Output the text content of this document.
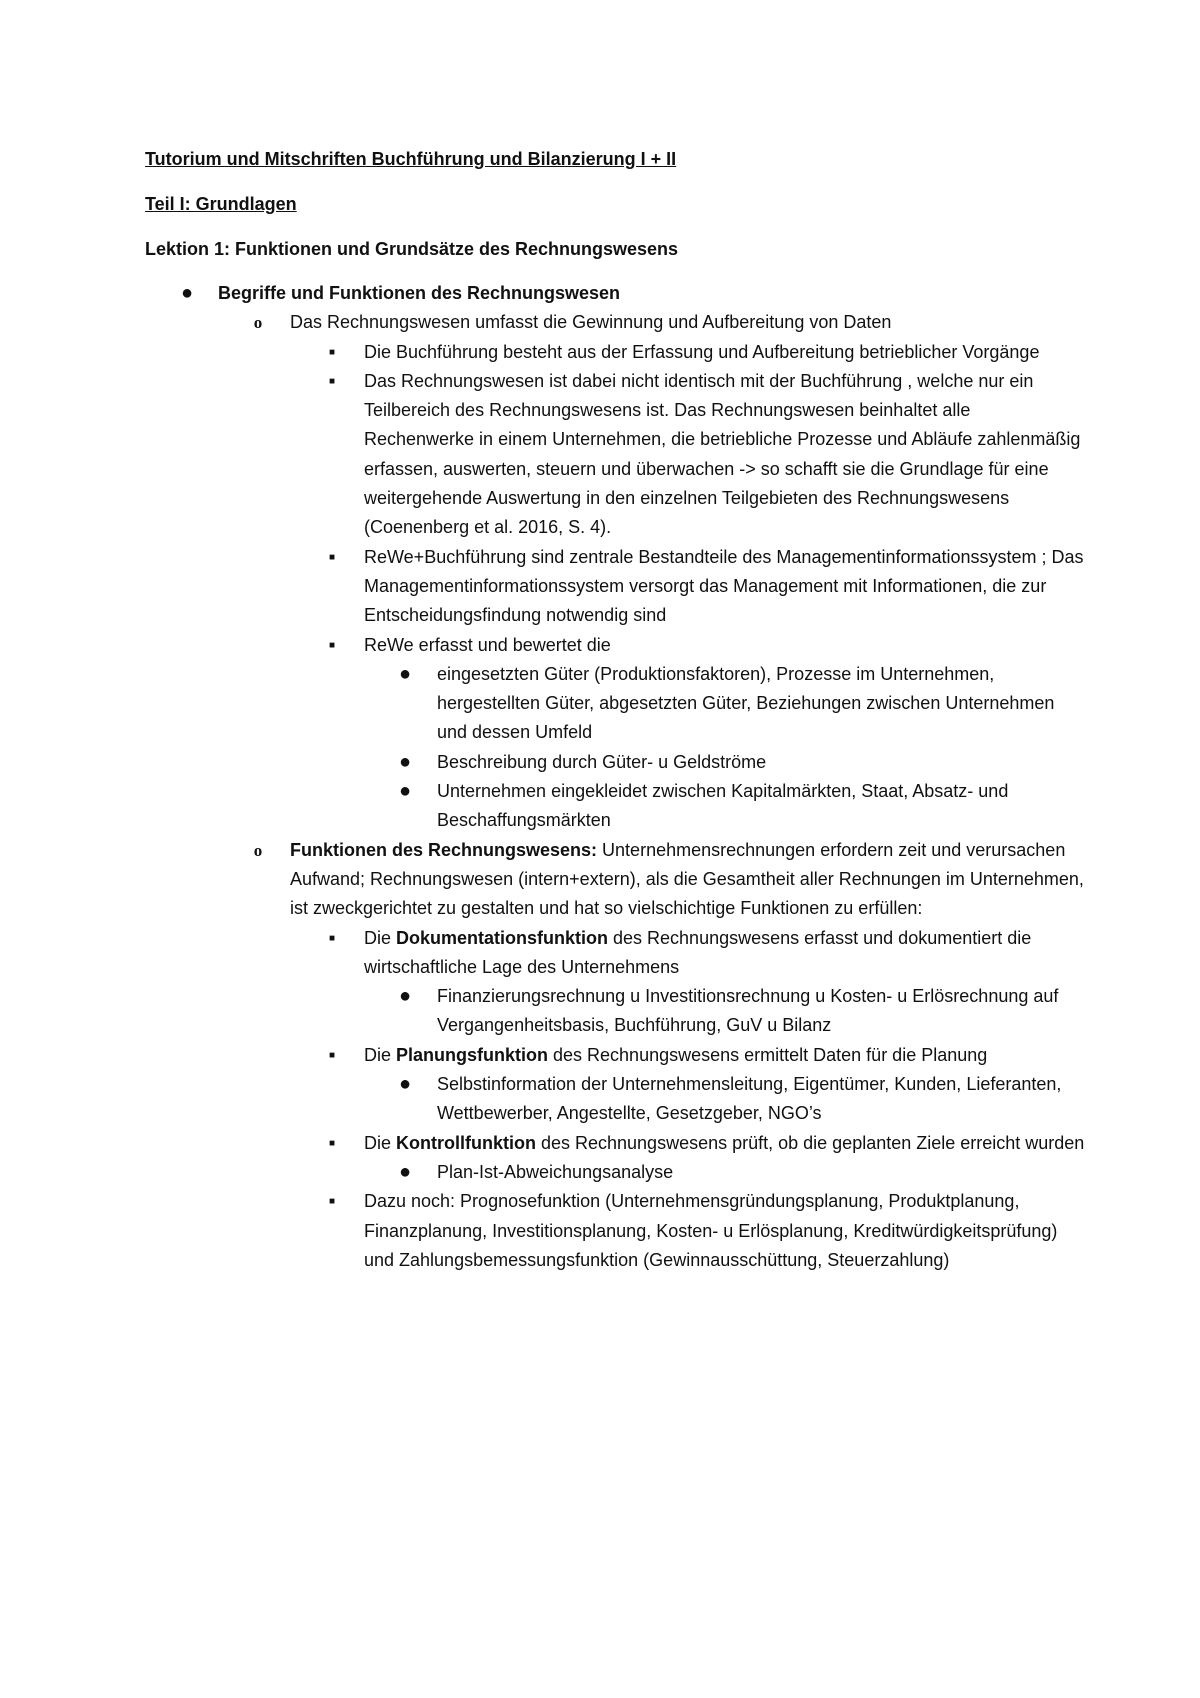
Tutorium und Mitschriften Buchführung und Bilanzierung I + II

Teil I: Grundlagen

Lektion 1: Funktionen und Grundsätze des Rechnungswesens

●	Begriffe und Funktionen des Rechnungswesen
o	Das Rechnungswesen umfasst die Gewinnung und Aufbereitung von Daten
■	Die Buchführung besteht aus der Erfassung und Aufbereitung betrieblicher Vorgänge
■	Das Rechnungswesen ist dabei nicht identisch mit der Buchführung , welche nur ein Teilbereich des Rechnungswesens ist. Das Rechnungswesen beinhaltet alle Rechenwerke in einem Unternehmen, die betriebliche Prozesse und Abläufe zahlenmäßig erfassen, auswerten, steuern und überwachen -> so schafft sie die Grundlage für eine weitergehende Auswertung in den einzelnen Teilgebieten des Rechnungswesens (Coenenberg et al. 2016, S. 4).
■	ReWe+Buchführung sind zentrale Bestandteile des Managementinformationssystem ; Das Managementinformationssystem versorgt das Management mit Informationen, die zur Entscheidungsfindung notwendig sind
■	ReWe erfasst und bewertet die
●	eingesetzten Güter (Produktionsfaktoren), Prozesse im Unternehmen, hergestellten Güter, abgesetzten Güter, Beziehungen zwischen Unternehmen und dessen Umfeld
●	Beschreibung durch Güter- u Geldströme
●	Unternehmen eingekleidet zwischen Kapitalmärkten, Staat, Absatz- und Beschaffungsmärkten
o	Funktionen des Rechnungswesens: Unternehmensrechnungen erfordern zeit und verursachen Aufwand; Rechnungswesen (intern+extern), als die Gesamtheit aller Rechnungen im Unternehmen, ist zweckgerichtet zu gestalten und hat so vielschichtige Funktionen zu erfüllen:
■	Die Dokumentationsfunktion des Rechnungswesens erfasst und dokumentiert die wirtschaftliche Lage des Unternehmens
●	Finanzierungsrechnung u Investitionsrechnung u Kosten- u Erlösrechnung auf Vergangenheitsbasis, Buchführung, GuV u Bilanz
■	Die Planungsfunktion des Rechnungswesens ermittelt Daten für die Planung
●	Selbstinformation der Unternehmensleitung, Eigentümer, Kunden, Lieferanten, Wettbewerber, Angestellte, Gesetzgeber, NGO’s
■	Die Kontrollfunktion des Rechnungswesens prüft, ob die geplanten Ziele erreicht wurden
●	Plan-Ist-Abweichungsanalyse
■	Dazu noch: Prognosefunktion (Unternehmensgründungsplanung, Produktplanung, Finanzplanung, Investitionsplanung, Kosten- u Erlösplanung, Kreditwürdigkeitsprüfung) und Zahlungsbemessungsfunktion (Gewinnausschüttung, Steuerzahlung)
